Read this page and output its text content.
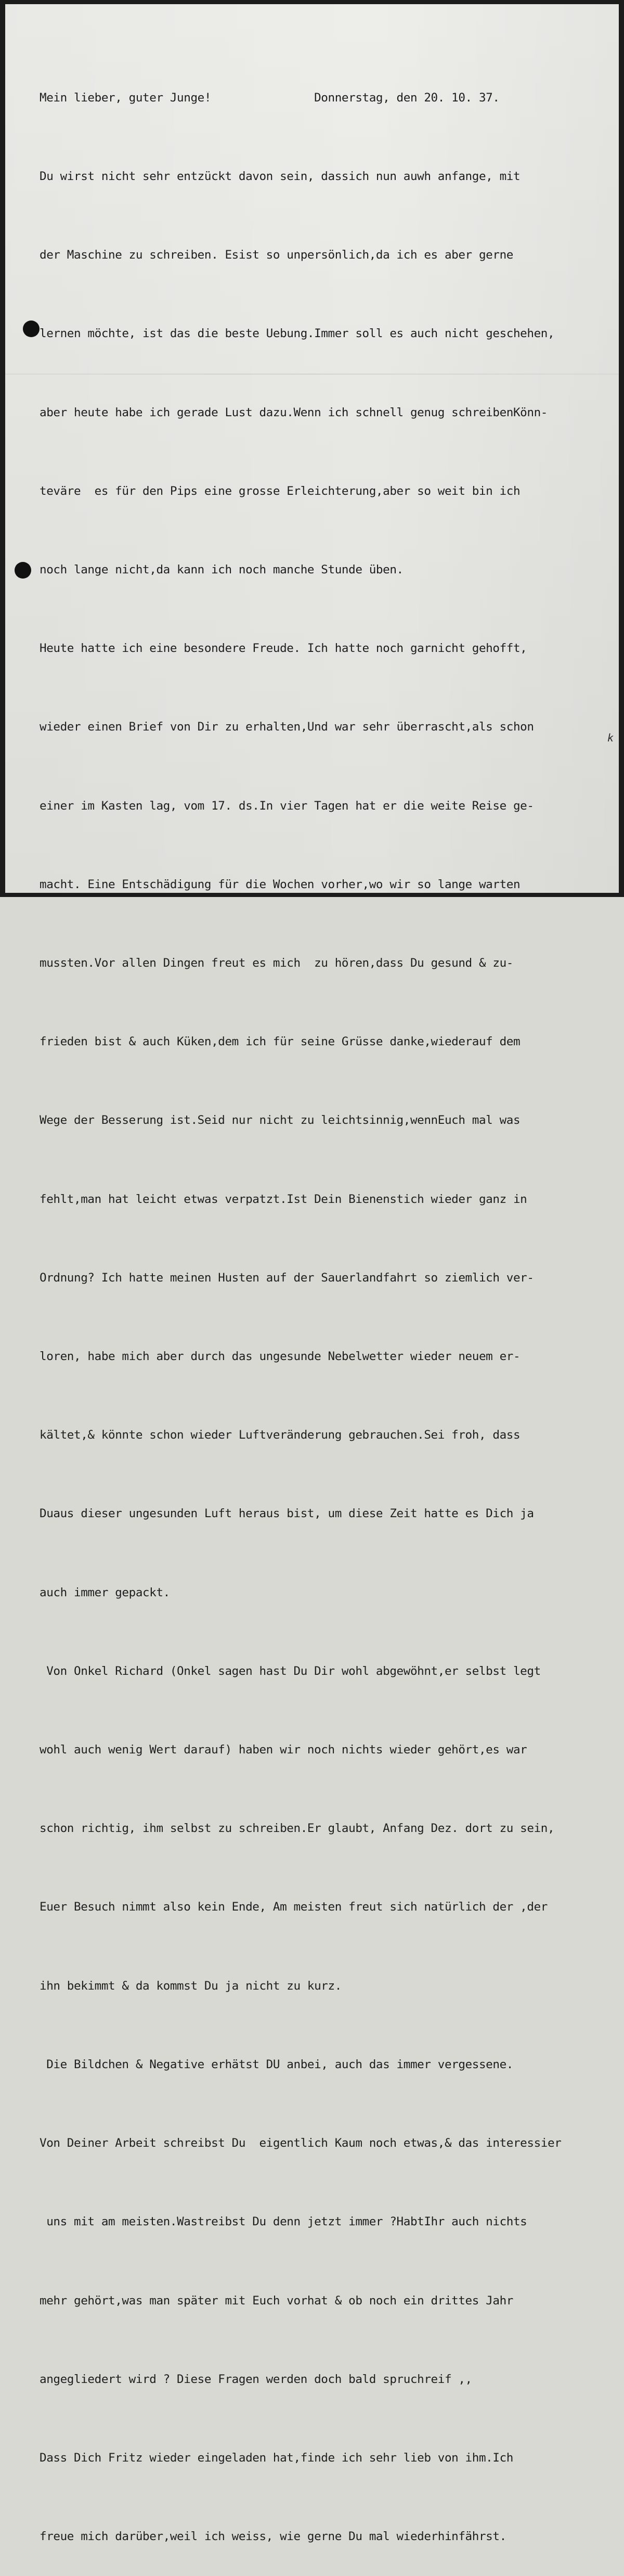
k

Mein lieber, guter Junge!               Donnerstag, den 20. 10. 37.

Du wirst nicht sehr entzückt davon sein, dassich nun auwh anfange, mit

der Maschine zu schreiben. Esist so unpersönlich,da ich es aber gerne

lernen möchte, ist das die beste Uebung.Immer soll es auch nicht geschehen,

aber heute habe ich gerade Lust dazu.Wenn ich schnell genug schreibenKönn-

teväre  es für den Pips eine grosse Erleichterung,aber so weit bin ich

noch lange nicht,da kann ich noch manche Stunde üben.

Heute hatte ich eine besondere Freude. Ich hatte noch garnicht gehofft,

wieder einen Brief von Dir zu erhalten,Und war sehr überrascht,als schon

einer im Kasten lag, vom 17. ds.In vier Tagen hat er die weite Reise ge-

macht. Eine Entschädigung für die Wochen vorher,wo wir so lange warten

mussten.Vor allen Dingen freut es mich  zu hören,dass Du gesund & zu-

frieden bist & auch Küken,dem ich für seine Grüsse danke,wiederauf dem

Wege der Besserung ist.Seid nur nicht zu leichtsinnig,wennEuch mal was

fehlt,man hat leicht etwas verpatzt.Ist Dein Bienenstich wieder ganz in

Ordnung? Ich hatte meinen Husten auf der Sauerlandfahrt so ziemlich ver-

loren, habe mich aber durch das ungesunde Nebelwetter wieder neuem er-

kältet,& könnte schon wieder Luftveränderung gebrauchen.Sei froh, dass

Duaus dieser ungesunden Luft heraus bist, um diese Zeit hatte es Dich ja

auch immer gepackt.

Von Onkel Richard (Onkel sagen hast Du Dir wohl abgewöhnt,er selbst legt

wohl auch wenig Wert darauf) haben wir noch nichts wieder gehört,es war

schon richtig, ihm selbst zu schreiben.Er glaubt, Anfang Dez. dort zu sein,

Euer Besuch nimmt also kein Ende, Am meisten freut sich natürlich der ,der

ihn bekimmt & da kommst Du ja nicht zu kurz.

Die Bildchen & Negative erhätst DU anbei, auch das immer vergessene.

Von Deiner Arbeit schreibst Du  eigentlich Kaum noch etwas,& das interessier

uns mit am meisten.Wastreibst Du denn jetzt immer ?HabtIhr auch nichts

mehr gehört,was man später mit Euch vorhat & ob noch ein drittes Jahr

angegliedert wird ? Diese Fragen werden doch bald spruchreif ,,

Dass Dich Fritz wieder eingeladen hat,finde ich sehr lieb von ihm.Ich

freue mich darüber,weil ich weiss, wie gerne Du mal wiederhinfährst.
